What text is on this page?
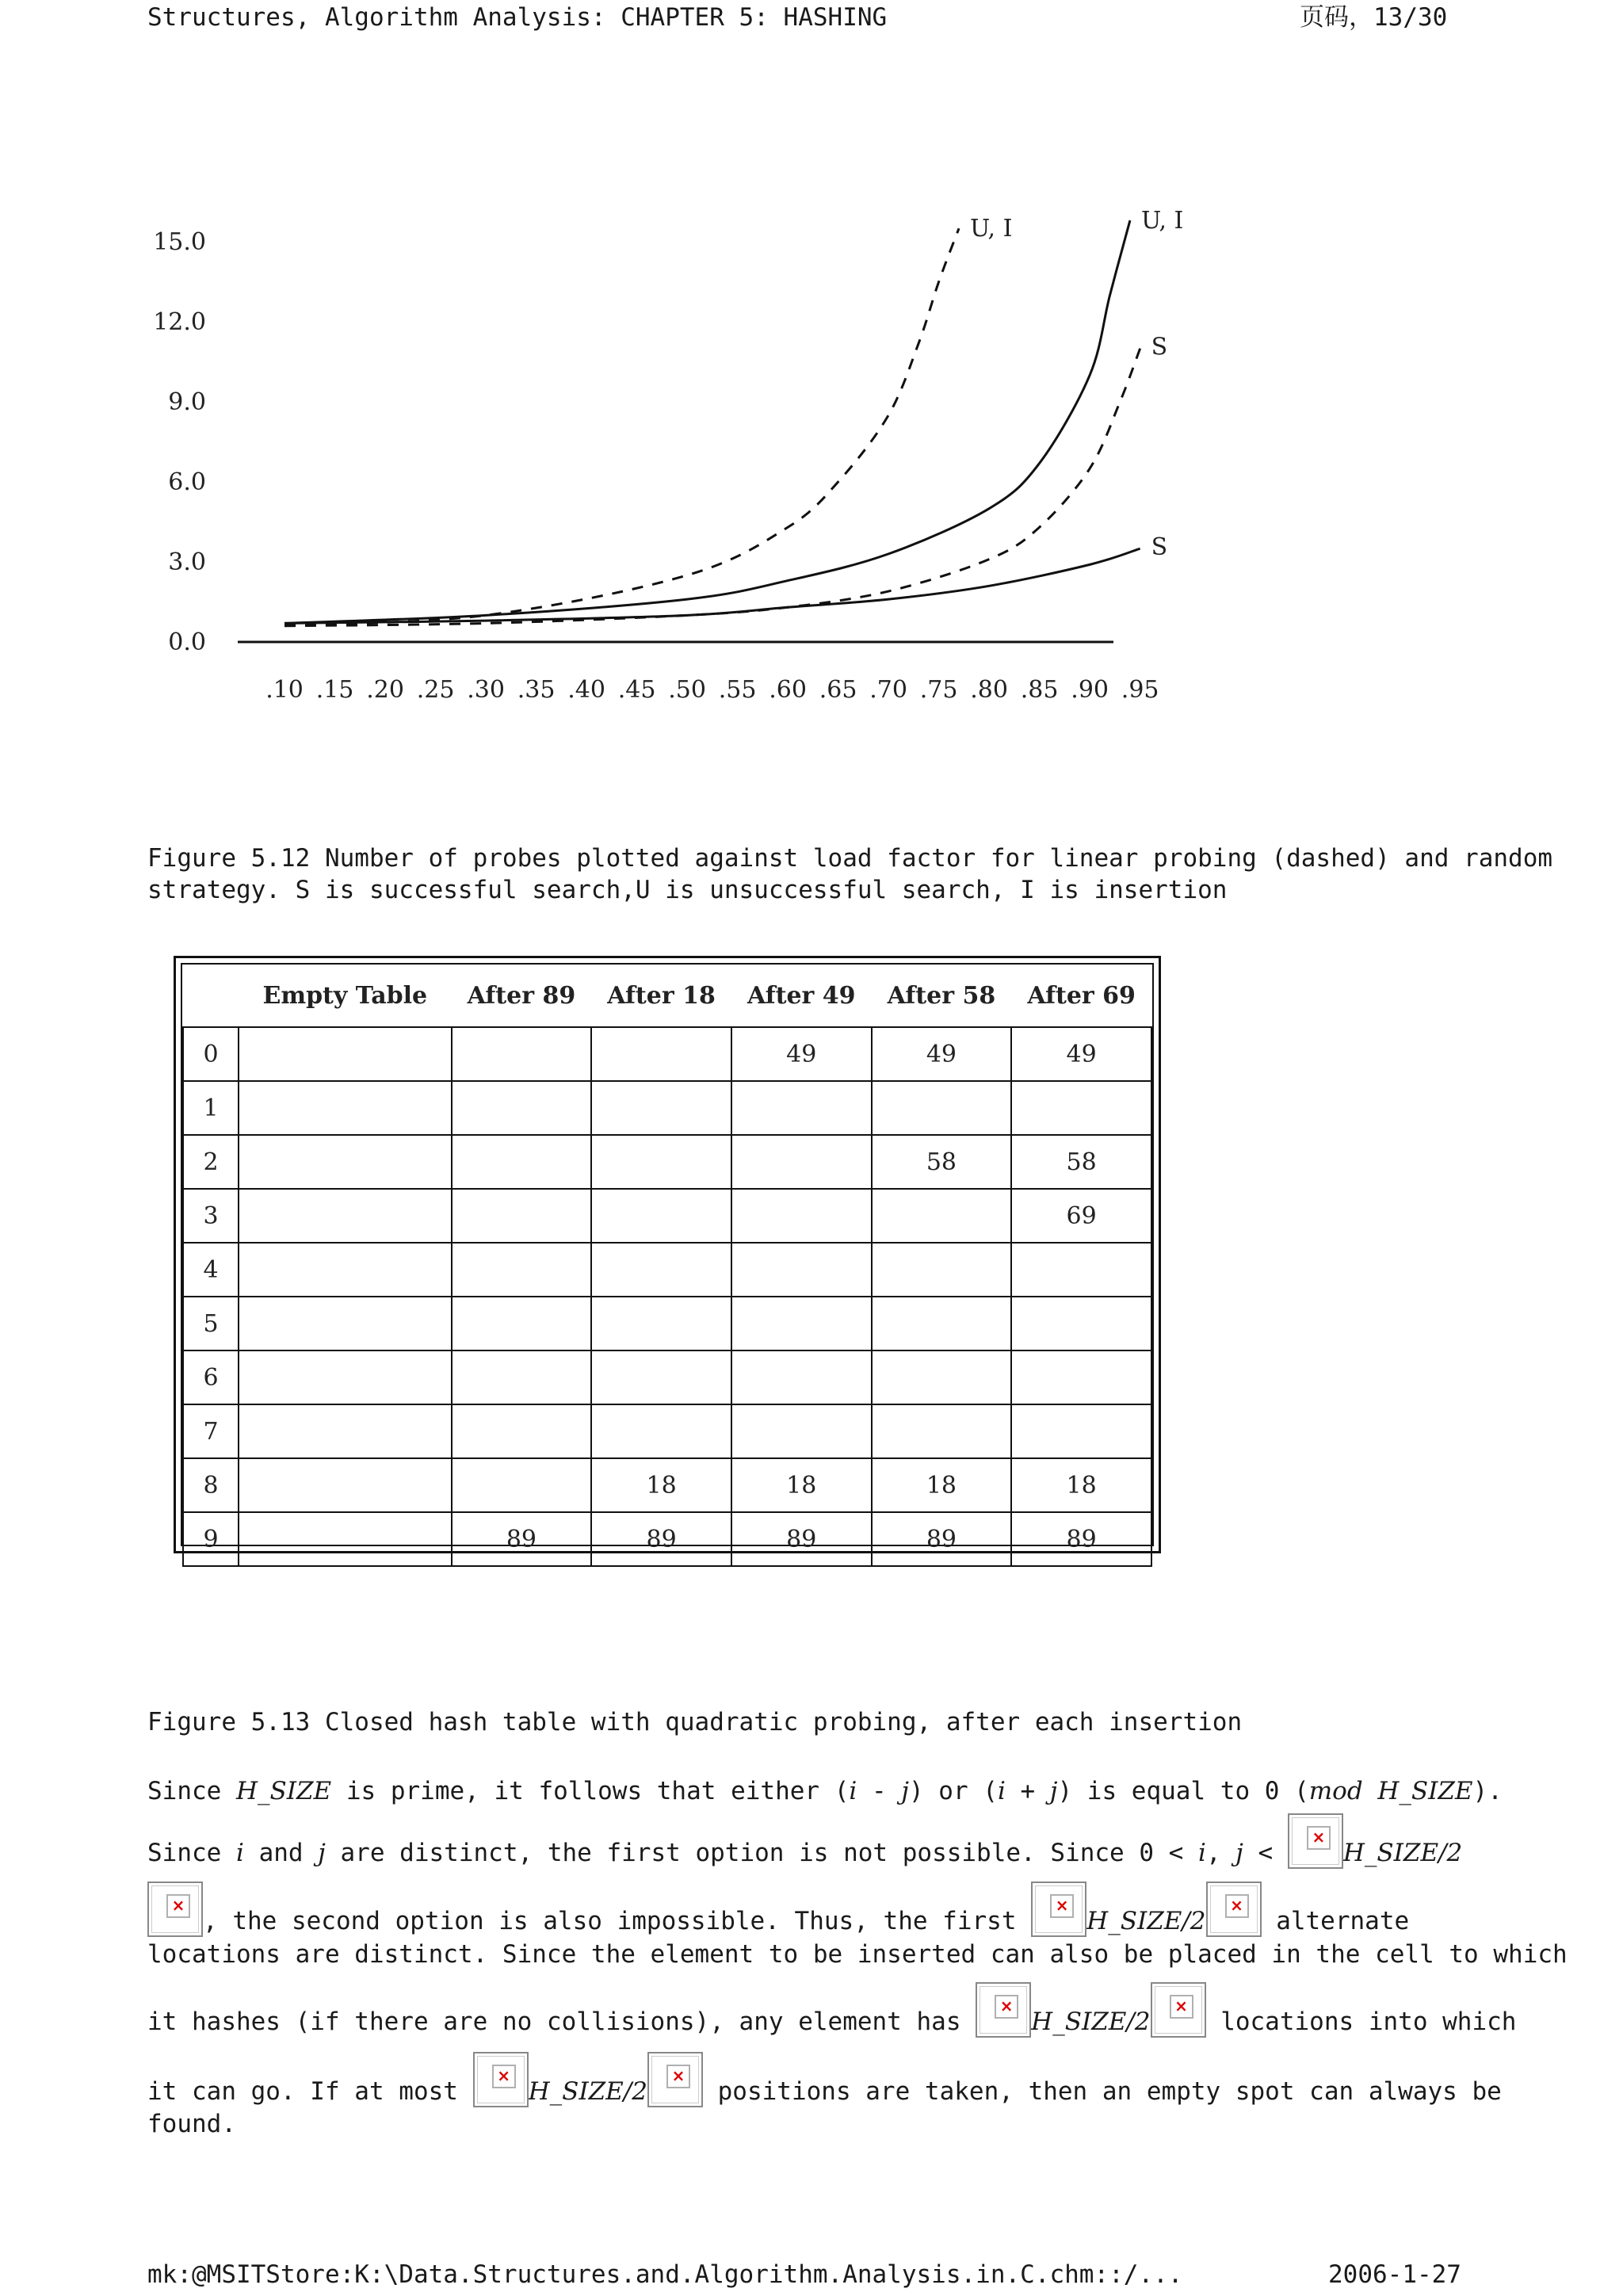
Structures, Algorithm Analysis: CHAPTER 5: HASHING	页码，13/30
0.0
3.0
6.0
9.0
12.0
15.0
.10 .15 .20 .25 .30 .35 .40 .45 .50 .55 .60 .65 .70 .75 .80 .85 .90 .95
U, I	U, I
S
S
Figure 5.12 Number of probes plotted against load factor for linear probing (dashed) and random
strategy. S is successful search,U is unsuccessful search, I is insertion
	Empty Table	After 89	After 18	After 49	After 58	After 69
0				49	49	49
1						
2					58	58
3						69
4						
5						
6						
7						
8			18	18	18	18
9		89	89	89	89	89
Figure 5.13 Closed hash table with quadratic probing, after each insertion
Since H_SIZE is prime, it follows that either (i - j) or (i + j) is equal to 0 (mod H_SIZE).
Since i and j are distinct, the first option is not possible. Since 0 < i , j <
×
H_SIZE/2
×
, the second option is also impossible. Thus, the first
×
H_SIZE/2
×
alternate
locations are distinct. Since the element to be inserted can also be placed in the cell to which
it hashes (if there are no collisions), any element has
×
H_SIZE/2
×
locations into which
it can go. If at most
×
H_SIZE/2
×
positions are taken, then an empty spot can always be
found.
mk:@MSITStore:K:\Data.Structures.and.Algorithm.Analysis.in.C.chm::/...	2006-1-27
